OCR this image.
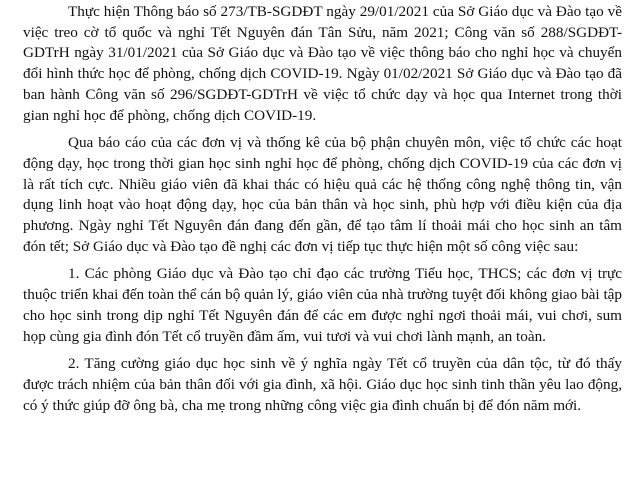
Thực hiện Thông báo số 273/TB-SGDĐT ngày 29/01/2021 của Sở Giáo dục và Đào tạo về việc treo cờ tổ quốc và nghỉ Tết Nguyên đán Tân Sửu, năm 2021; Công văn số 288/SGDĐT-GDTrH ngày 31/01/2021 của Sở Giáo dục và Đào tạo về việc thông báo cho nghỉ học và chuyển đổi hình thức học để phòng, chống dịch COVID-19. Ngày 01/02/2021 Sở Giáo dục và Đào tạo đã ban hành Công văn số 296/SGDĐT-GDTrH về việc tổ chức dạy và học qua Internet trong thời gian nghỉ học để phòng, chống dịch COVID-19.

Qua báo cáo của các đơn vị và thống kê của bộ phận chuyên môn, việc tổ chức các hoạt động dạy, học trong thời gian học sinh nghỉ học để phòng, chống dịch COVID-19 của các đơn vị là rất tích cực. Nhiều giáo viên đã khai thác có hiệu quả các hệ thống công nghệ thông tin, vận dụng linh hoạt vào hoạt động dạy, học của bản thân và học sinh, phù hợp với điều kiện của địa phương. Ngày nghỉ Tết Nguyên đán đang đến gần, để tạo tâm lí thoải mái cho học sinh an tâm đón tết; Sở Giáo dục và Đào tạo đề nghị các đơn vị tiếp tục thực hiện một số công việc sau:

1. Các phòng Giáo dục và Đào tạo chỉ đạo các trường Tiểu học, THCS; các đơn vị trực thuộc triển khai đến toàn thể cán bộ quản lý, giáo viên của nhà trường tuyệt đối không giao bài tập cho học sinh trong dịp nghỉ Tết Nguyên đán để các em được nghỉ ngơi thoải mái, vui chơi, sum họp cùng gia đình đón Tết cổ truyền đầm ấm, vui tươi và vui chơi lành mạnh, an toàn.

2. Tăng cường giáo dục học sinh về ý nghĩa ngày Tết cổ truyền của dân tộc, từ đó thấy được trách nhiệm của bản thân đối với gia đình, xã hội. Giáo dục học sinh tinh thần yêu lao động, có ý thức giúp đỡ ông bà, cha mẹ trong những công việc gia đình chuẩn bị để đón năm mới.
